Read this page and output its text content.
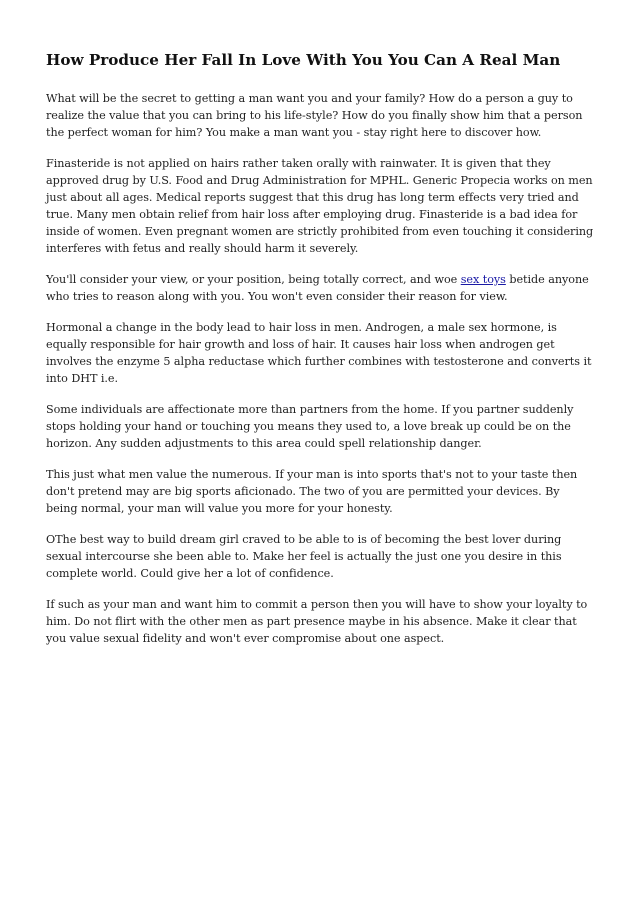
How Produce Her Fall In Love With You You Can A Real Man

What will be the secret to getting a man want you and your family? How do a person a guy to realize the value that you can bring to his life-style? How do you finally show him that a person the perfect woman for him? You make a man want you - stay right here to discover how.

Finasteride is not applied on hairs rather taken orally with rainwater. It is given that they approved drug by U.S. Food and Drug Administration for MPHL. Generic Propecia works on men just about all ages. Medical reports suggest that this drug has long term effects very tried and true. Many men obtain relief from hair loss after employing drug. Finasteride is a bad idea for inside of women. Even pregnant women are strictly prohibited from even touching it considering interferes with fetus and really should harm it severely.

You'll consider your view, or your position, being totally correct, and woe sex toys betide anyone who tries to reason along with you. You won't even consider their reason for view.

Hormonal a change in the body lead to hair loss in men. Androgen, a male sex hormone, is equally responsible for hair growth and loss of hair. It causes hair loss when androgen get involves the enzyme 5 alpha reductase which further combines with testosterone and converts it into DHT i.e.

Some individuals are affectionate more than partners from the home. If you partner suddenly stops holding your hand or touching you means they used to, a love break up could be on the horizon. Any sudden adjustments to this area could spell relationship danger.

This just what men value the numerous. If your man is into sports that's not to your taste then don't pretend may are big sports aficionado. The two of you are permitted your devices. By being normal, your man will value you more for your honesty.

OThe best way to build dream girl craved to be able to is of becoming the best lover during sexual intercourse she been able to. Make her feel is actually the just one you desire in this complete world. Could give her a lot of confidence.

If such as your man and want him to commit a person then you will have to show your loyalty to him. Do not flirt with the other men as part presence maybe in his absence. Make it clear that you value sexual fidelity and won't ever compromise about one aspect.
